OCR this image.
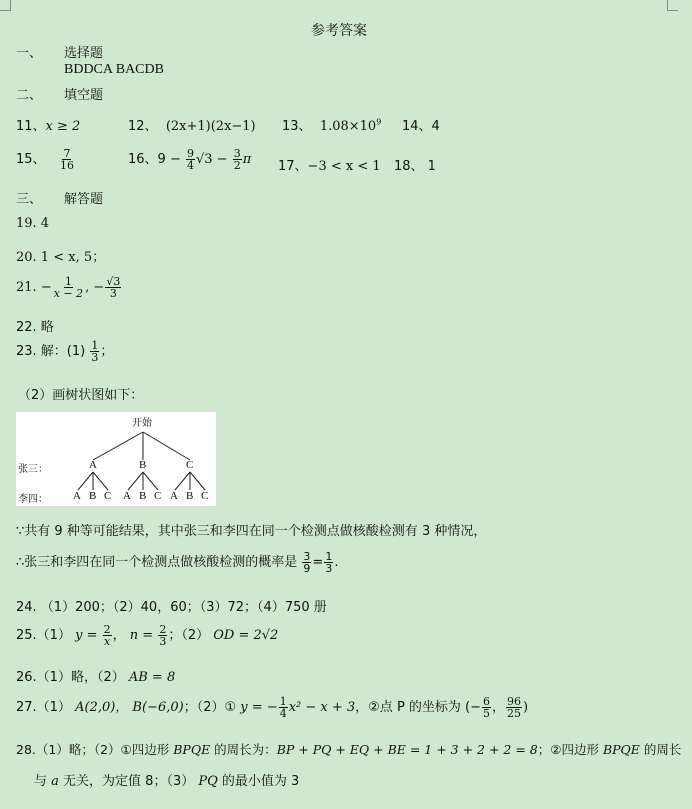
参考答案
一、 选择题
BDDCA BACDB
二、 填空题
11、x ≥ 2	12、 (2x+1)(2x−1) 13、 $1.08\times 10^9$ 14、4
15、 $\frac{7}{16}$	16、$9 - \frac{9}{4} √3 - \frac{3}{2}$ π 17、−3 < x < 1 18、 1
三、 解答题
19. 4
20. 1 < x, 5；
21. − $\frac{1}{x - 2}$ , − $\frac{√3}{3}$
22. 略
23. 解：$(1) \frac{1}{3}$ ；
（2）画树状图如下：
开始
张三：
李四：
A	B	C
A B C A B C A B C
∵共有 9 种等可能结果，其中张三和李四在同一个检测点做核酸检测有 3 种情况，
∴张三和李四在同一个检测点做核酸检测的概率是 $\frac{3}{9} = \frac{1}{3}$ .
24. （1）200；（2）40，60；（3）72；（4）750 册
25.（1） $y = \frac{2}{x}$ ， $n = \frac{2}{3}$ ；（2） OD = 2√2
26.（1）略，（2） AB = 8
27.（1） A(2,0)， B(−6,0)；（2）① y = − $\frac{1}{4} x^2 - x + 3$，②点 P 的坐标为 (− $\frac{6}{5}$ ， $\frac{96}{25}$ )
28.（1）略；（2）①四边形 BPQE 的周长为：BP + PQ + EQ + BE = 1 + 3 + 2 + 2 = 8；②四边形 BPQE 的周长
与 a 无关，为定值 8；（3） PQ 的最小值为 3
